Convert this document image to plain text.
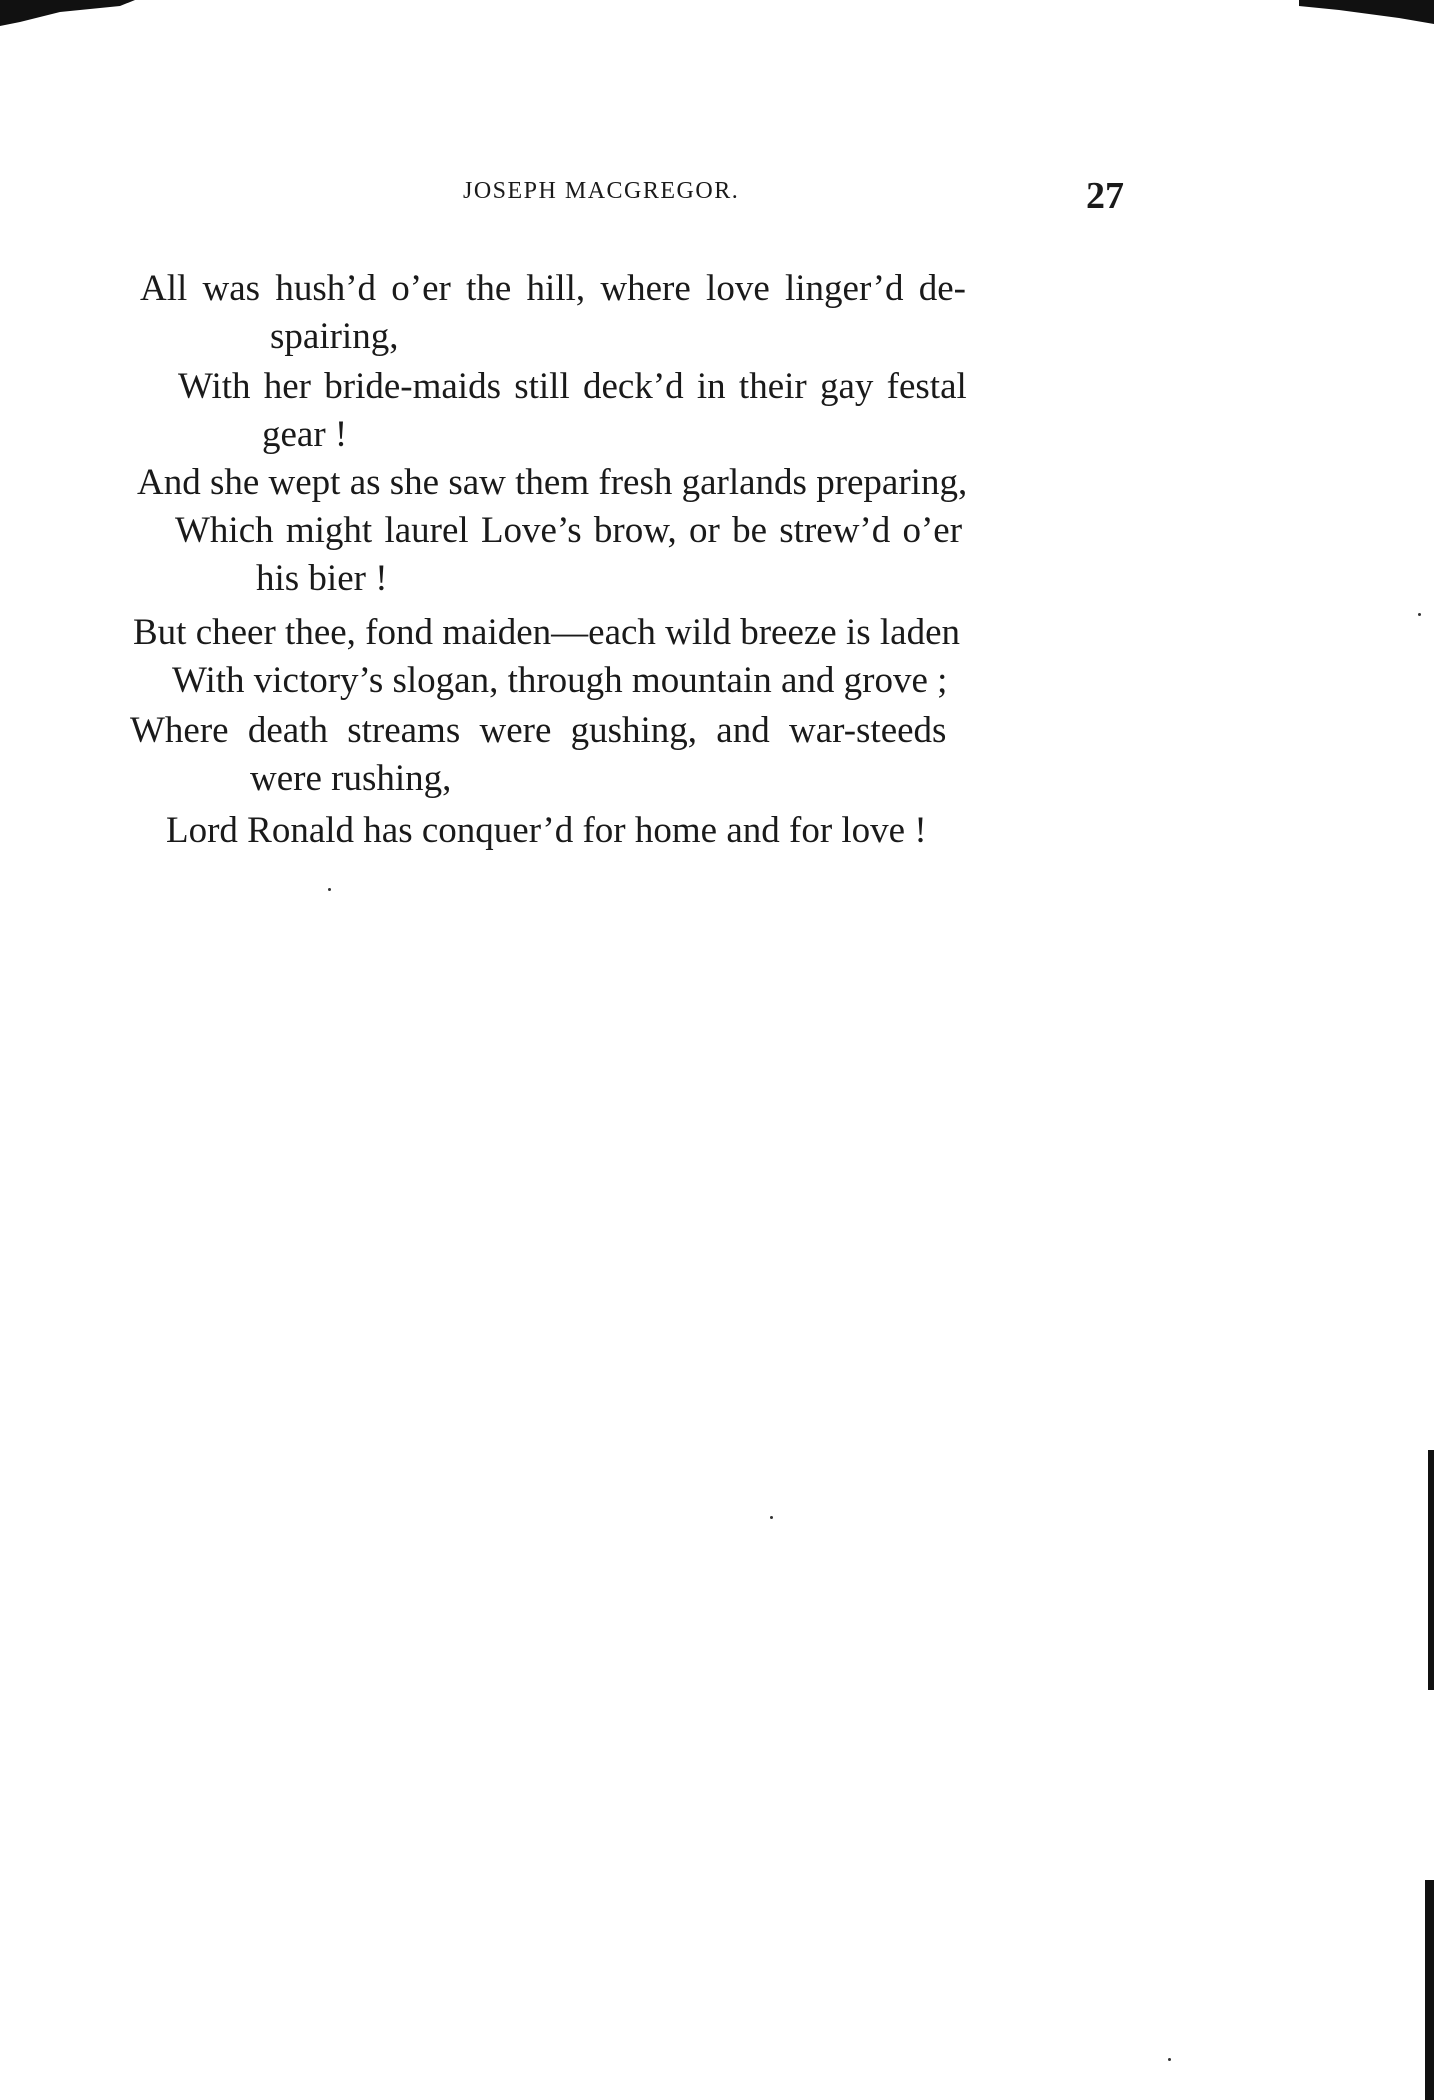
JOSEPH MACGREGOR.	27
All was hush’d o’er the hill, where love linger’d de-
spairing,
With her bride-maids still deck’d in their gay festal
gear !
And she wept as she saw them fresh garlands preparing,
Which might laurel Love’s brow, or be strew’d o’er
his bier !
But cheer thee, fond maiden—each wild breeze is laden
With victory’s slogan, through mountain and grove ;
Where death streams were gushing, and war-steeds
were rushing,
Lord Ronald has conquer’d for home and for love !
